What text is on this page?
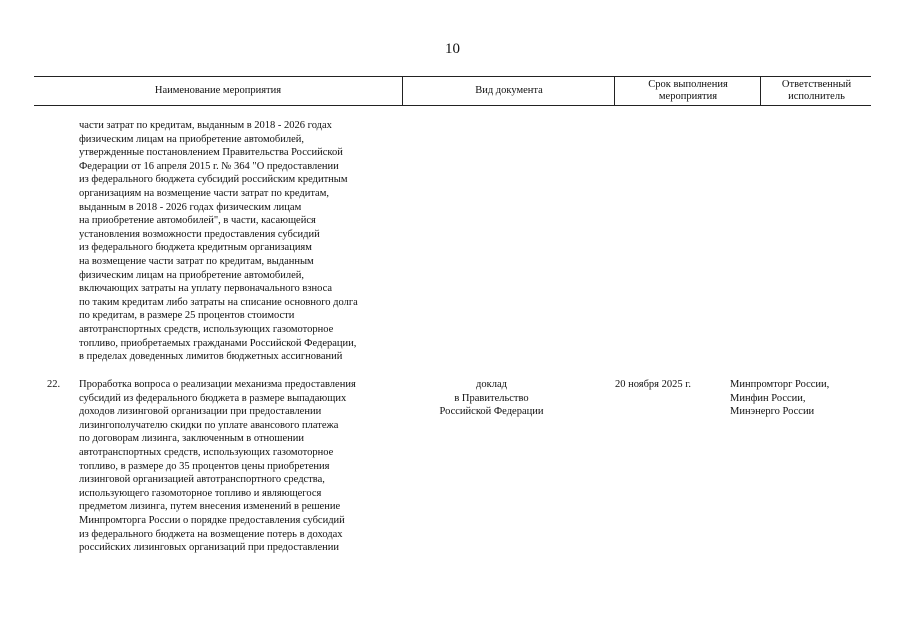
10
Наименование мероприятия	Вид документа
Срок выполнения
мероприятия
Ответственный
исполнитель
части затрат по кредитам, выданным в 2018 - 2026 годах
физическим лицам на приобретение автомобилей,
утвержденные постановлением Правительства Российской
Федерации от 16 апреля 2015 г. № 364 "О предоставлении
из федерального бюджета субсидий российским кредитным
организациям на возмещение части затрат по кредитам,
выданным в 2018 - 2026 годах физическим лицам
на приобретение автомобилей", в части, касающейся
установления возможности предоставления субсидий
из федерального бюджета кредитным организациям
на возмещение части затрат по кредитам, выданным
физическим лицам на приобретение автомобилей,
включающих затраты на уплату первоначального взноса
по таким кредитам либо затраты на списание основного долга
по кредитам, в размере 25 процентов стоимости
автотранспортных средств, использующих газомоторное
топливо, приобретаемых гражданами Российской Федерации,
в пределах доведенных лимитов бюджетных ассигнований
22. Проработка вопроса о реализации механизма предоставления
субсидий из федерального бюджета в размере выпадающих
доходов лизинговой организации при предоставлении
лизингополучателю скидки по уплате авансового платежа
по договорам лизинга, заключенным в отношении
автотранспортных средств, использующих газомоторное
топливо, в размере до 35 процентов цены приобретения
лизинговой организацией автотранспортного средства,
использующего газомоторное топливо и являющегося
предметом лизинга, путем внесения изменений в решение
Минпромторга России о порядке предоставления субсидий
из федерального бюджета на возмещение потерь в доходах
российских лизинговых организаций при предоставлении
доклад
в Правительство
Российской Федерации
20 ноября 2025 г.	Минпромторг России,
Минфин России,
Минэнерго России
